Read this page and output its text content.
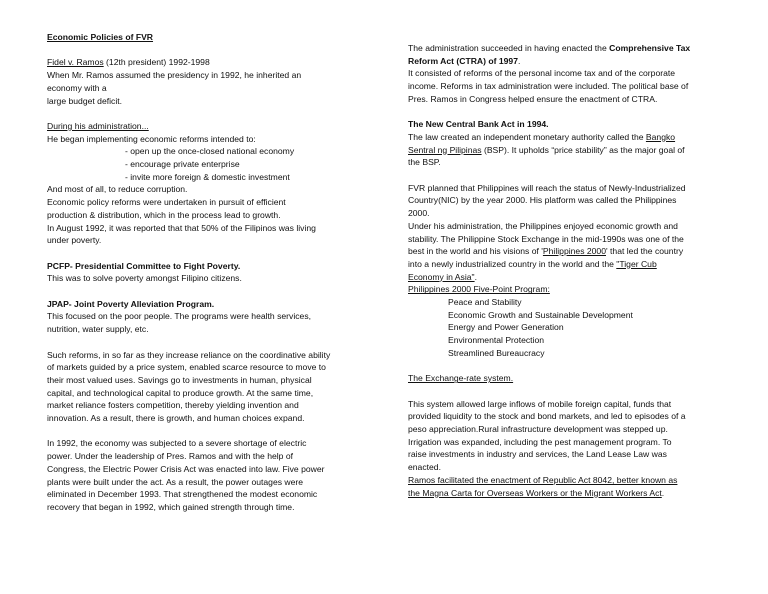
Economic Policies of FVR

Fidel v. Ramos (12th president) 1992-1998

When Mr. Ramos assumed the presidency in 1992, he inherited an

economy with a

large budget deficit.

During his administration...

He began implementing economic reforms intended to:

- open up the once-closed national economy

- encourage private enterprise

- invite more foreign & domestic investment

And most of all, to reduce corruption.

Economic policy reforms were undertaken in pursuit of efficient

production & distribution, which in the process lead to growth.

In August 1992, it was reported that that 50% of the Filipinos was living

under poverty.

PCFP- Presidential Committee to Fight Poverty.

This was to solve poverty amongst Filipino citizens.

JPAP- Joint Poverty Alleviation Program.

This focused on the poor people. The programs were health services,

nutrition, water supply, etc.

Such reforms, in so far as they increase reliance on the coordinative ability

of markets guided by a price system, enabled scarce resource to move to

their most valued uses. Savings go to investments in human, physical

capital, and technological capital to produce growth. At the same time,

market reliance fosters competition, thereby yielding invention and

innovation. As a result, there is growth, and human choices expand.

In 1992, the economy was subjected to a severe shortage of electric

power. Under the leadership of Pres. Ramos and with the help of

Congress, the Electric Power Crisis Act was enacted into law. Five power

plants were built under the act. As a result, the power outages were

eliminated in December 1993. That strengthened the modest economic

recovery that began in 1992, which gained strength through time.

The administration succeeded in having enacted the Comprehensive Tax

Reform Act (CTRA) of 1997.

It consisted of reforms of the personal income tax and of the corporate

income. Reforms in tax administration were included. The political base of

Pres. Ramos in Congress helped ensure the enactment of CTRA.

The New Central Bank Act in 1994.

The law created an independent monetary authority called the Bangko

Sentral ng Pilipinas (BSP). It upholds “price stability” as the major goal of

the BSP.

FVR planned that Philippines will reach the status of Newly-Industrialized

Country(NIC) by the year 2000. His platform was called the Philippines

2000.

Under his administration, the Philippines enjoyed economic growth and

stability. The Philippine Stock Exchange in the mid-1990s was one of the

best in the world and his visions of 'Philippines 2000' that led the country

into a newly industrialized country in the world and the "Tiger Cub

Economy in Asia".

Philippines 2000 Five-Point Program:

Peace and Stability

Economic Growth and Sustainable Development

Energy and Power Generation

Environmental Protection

Streamlined Bureaucracy

The Exchange-rate system.

This system allowed large inflows of mobile foreign capital, funds that

provided liquidity to the stock and bond markets, and led to episodes of a

peso appreciation.Rural infrastructure development was stepped up.

Irrigation was expanded, including the pest management program. To

raise investments in industry and services, the Land Lease Law was

enacted.

Ramos facilitated the enactment of Republic Act 8042, better known as

the Magna Carta for Overseas Workers or the Migrant Workers Act.
